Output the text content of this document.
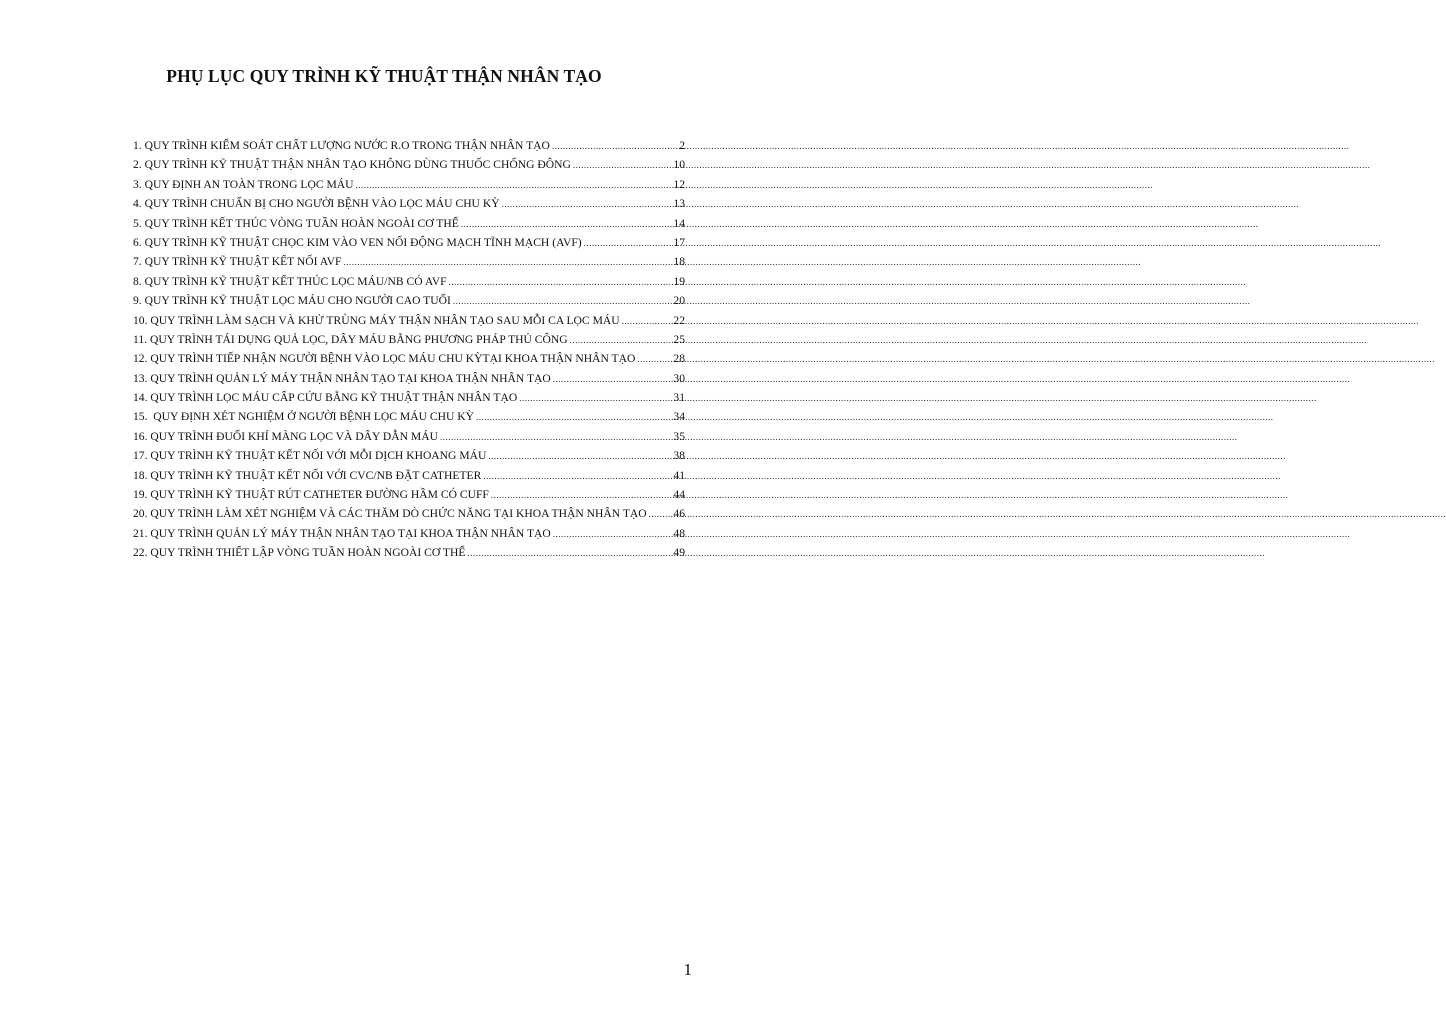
PHỤ LỤC QUY TRÌNH KỸ THUẬT THẬN NHÂN TẠO
1. QUY TRÌNH KIỂM SOÁT CHẤT LƯỢNG NƯỚC R.O TRONG THẬN NHÂN TẠO .....	2
2. QUY TRÌNH KỸ THUẬT THẬN NHÂN TẠO KHÔNG DÙNG THUỐC CHỐNG ĐÔNG .....	10
3. QUY ĐỊNH AN TOÀN TRONG LỌC MÁU .....	12
4. QUY TRÌNH CHUẨN BỊ CHO NGƯỜI BỆNH VÀO LỌC MÁU CHU KỲ .....	13
5. QUY TRÌNH KẾT THÚC VÒNG TUẦN HOÀN NGOÀI CƠ THỂ .....	14
6. QUY TRÌNH KỸ THUẬT CHỌC KIM VÀO VEN NỐI ĐỘNG MẠCH TĨNH MẠCH (AVF) .....	17
7. QUY TRÌNH KỸ THUẬT KẾT NỐI AVF .....	18
8. QUY TRÌNH KỸ THUẬT KẾT THÚC LỌC MÁU/NB CÓ AVF .....	19
9. QUY TRÌNH KỸ THUẬT LỌC MÁU CHO NGƯỜI CAO TUỔI .....	20
10. QUY TRÌNH LÀM SẠCH VÀ KHỬ TRÙNG MÁY THẬN NHÂN TẠO SAU MỖI CA LỌC MÁU .....	22
11. QUY TRÌNH TÁI DỤNG QUẢ LỌC, DÂY MÁU BẰNG PHƯƠNG PHÁP THỦ CÔNG .....	25
12. QUY TRÌNH TIẾP NHẬN NGƯỜI BỆNH VÀO LỌC MÁU CHU KỲTẠI KHOA THẬN NHÂN TẠO .....	28
13. QUY TRÌNH QUẢN LÝ MÁY THẬN NHÂN TẠO TẠI KHOA THẬN NHÂN TẠO .....	30
14. QUY TRÌNH LỌC MÁU CẤP CỨU BẰNG KỸ THUẬT THẬN NHÂN TẠO .....	31
15.  QUY ĐỊNH XÉT NGHIỆM Ở NGƯỜI BỆNH LỌC MÁU CHU KỲ .....	34
16. QUY TRÌNH ĐUỔI KHÍ MÀNG LỌC VÀ DÂY DẪN MÁU .....	35
17. QUY TRÌNH KỸ THUẬT KẾT NỐI VỚI MỖI DỊCH KHOANG MÁU .....	38
18. QUY TRÌNH KỸ THUẬT KẾT NỐI VỚI CVC/NB ĐẶT CATHETER .....	41
19. QUY TRÌNH KỸ THUẬT RÚT CATHETER ĐƯỜNG HẦM CÓ CUFF .....	44
20. QUY TRÌNH LÀM XÉT NGHIỆM VÀ CÁC THĂM DÒ CHỨC NĂNG TẠI KHOA THẬN NHÂN TẠO ..... 46
21. QUY TRÌNH QUẢN LÝ MÁY THẬN NHÂN TẠO TẠI KHOA THẬN NHÂN TẠO .....	48
22. QUY TRÌNH THIẾT LẬP VÒNG TUẦN HOÀN NGOÀI CƠ THỂ .....	49
1
